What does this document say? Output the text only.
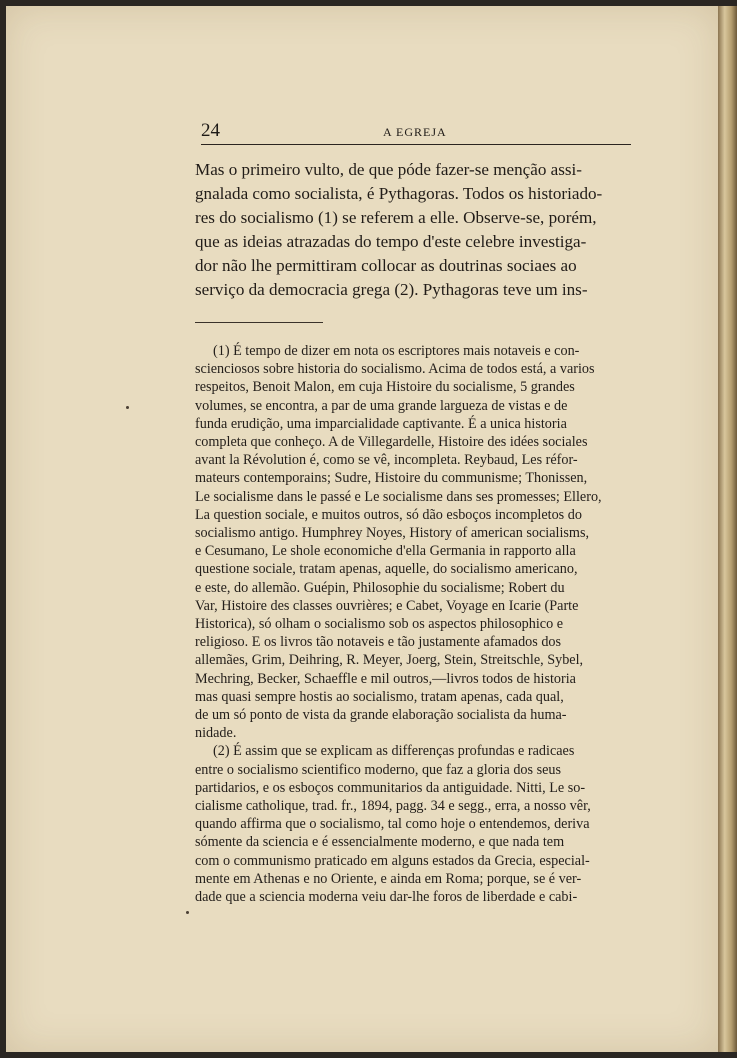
24	A EGREJA
Mas o primeiro vulto, de que póde fazer-se menção assi-
gnalada como socialista, é Pythagoras. Todos os historiado-
res do socialismo (1) se referem a elle. Observe-se, porém,
que as ideias atrazadas do tempo d'este celebre investiga-
dor não lhe permittiram collocar as doutrinas sociaes ao
serviço da democracia grega (2). Pythagoras teve um ins-
(1) É tempo de dizer em nota os escriptores mais notaveis e con-
scienciosos sobre historia do socialismo. Acima de todos está, a varios
respeitos, Benoit Malon, em cuja Histoire du socialisme, 5 grandes
volumes, se encontra, a par de uma grande largueza de vistas e de
funda erudição, uma imparcialidade captivante. É a unica historia
completa que conheço. A de Villegardelle, Histoire des idées sociales
avant la Révolution é, como se vê, incompleta. Reybaud, Les réfor-
mateurs contemporains; Sudre, Histoire du communisme; Thonissen,
Le socialisme dans le passé e Le socialisme dans ses promesses; Ellero,
La question sociale, e muitos outros, só dão esboços incompletos do
socialismo antigo. Humphrey Noyes, History of american socialisms,
e Cesumano, Le shole economiche d'ella Germania in rapporto alla
questione sociale, tratam apenas, aquelle, do socialismo americano,
e este, do allemão. Guépin, Philosophie du socialisme; Robert du
Var, Histoire des classes ouvrières; e Cabet, Voyage en Icarie (Parte
Historica), só olham o socialismo sob os aspectos philosophico e
religioso. E os livros tão notaveis e tão justamente afamados dos
allemães, Grim, Deihring, R. Meyer, Joerg, Stein, Streitschle, Sybel,
Mechring, Becker, Schaeffle e mil outros,—livros todos de historia
mas quasi sempre hostis ao socialismo, tratam apenas, cada qual,
de um só ponto de vista da grande elaboração socialista da huma-
nidade.
(2) É assim que se explicam as differenças profundas e radicaes
entre o socialismo scientifico moderno, que faz a gloria dos seus
partidarios, e os esboços communitarios da antiguidade. Nitti, Le so-
cialisme catholique, trad. fr., 1894, pagg. 34 e segg., erra, a nosso vêr,
quando affirma que o socialismo, tal como hoje o entendemos, deriva
sómente da sciencia e é essencialmente moderno, e que nada tem
com o communismo praticado em alguns estados da Grecia, especial-
mente em Athenas e no Oriente, e ainda em Roma; porque, se é ver-
dade que a sciencia moderna veiu dar-lhe foros de liberdade e cabi-
